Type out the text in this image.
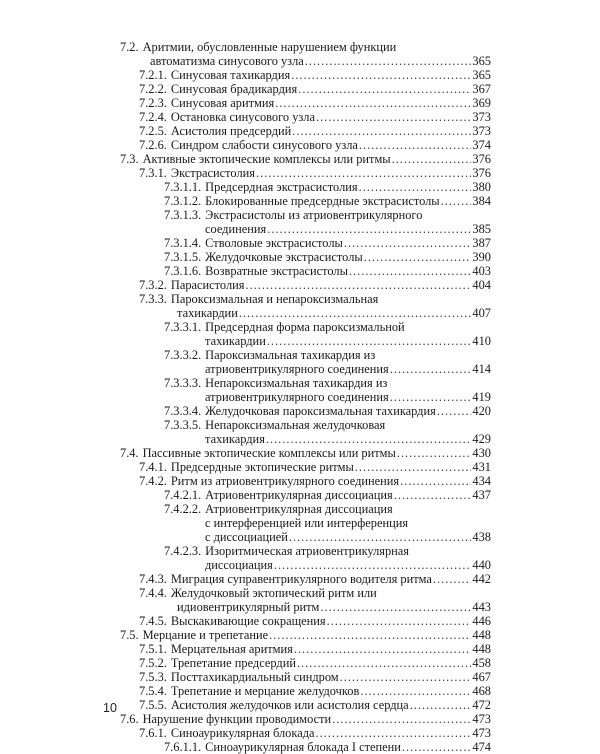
7.2. Аритмии, обусловленные нарушением функции
автоматизма синусового узла .....	365
7.2.1. Синусовая тахикардия .....	365
7.2.2. Синусовая брадикардия .....	367
7.2.3. Синусовая аритмия .....	369
7.2.4. Остановка синусового узла .....	373
7.2.5. Асистолия предсердий .....	373
7.2.6. Синдром слабости синусового узла .....	374
7.3. Активные эктопические комплексы или ритмы .....	376
7.3.1. Экстрасистолия .....	376
7.3.1.1. Предсердная экстрасистолия .....	380
7.3.1.2. Блокированные предсердные экстрасистолы .....	384
7.3.1.3. Экстрасистолы из атриовентрикулярного
соединения .....	385
7.3.1.4. Стволовые экстрасистолы .....	387
7.3.1.5. Желудочковые экстрасистолы .....	390
7.3.1.6. Возвратные экстрасистолы .....	403
7.3.2. Парасистолия .....	404
7.3.3. Пароксизмальная и непароксизмальная
тахикардии .....	407
7.3.3.1. Предсердная форма пароксизмальной
тахикардии .....	410
7.3.3.2. Пароксизмальная тахикардия из
атриовентрикулярного соединения .....	414
7.3.3.3. Непароксизмальная тахикардия из
атриовентрикулярного соединения .....	419
7.3.3.4. Желудочковая пароксизмальная тахикардия .....	420
7.3.3.5. Непароксизмальная желудочковая
тахикардия .....	429
7.4. Пассивные эктопические комплексы или ритмы .....	430
7.4.1. Предсердные эктопические ритмы .....	431
7.4.2. Ритм из атриовентрикулярного соединения .....	434
7.4.2.1. Атриовентрикулярная диссоциация .....	437
7.4.2.2. Атриовентрикулярная диссоциация
с интерференцией или интерференция
с диссоциацией .....	438
7.4.2.3. Изоритмическая атриовентрикулярная
диссоциация .....	440
7.4.3. Миграция суправентрикулярного водителя ритма .....	442
7.4.4. Желудочковый эктопический ритм или
идиовентрикулярный ритм .....	443
7.4.5. Выскакивающие сокращения .....	446
7.5. Мерцание и трепетание .....	448
7.5.1. Мерцательная аритмия .....	448
7.5.2. Трепетание предсердий .....	458
7.5.3. Посттахикардиальный синдром .....	467
7.5.4. Трепетание и мерцание желудочков .....	468
7.5.5. Асистолия желудочков или асистолия сердца .....	472
7.6. Нарушение функции проводимости .....	473
7.6.1. Синоаурикулярная блокада .....	473
7.6.1.1. Синоаурикулярная блокада I степени .....	474
10
